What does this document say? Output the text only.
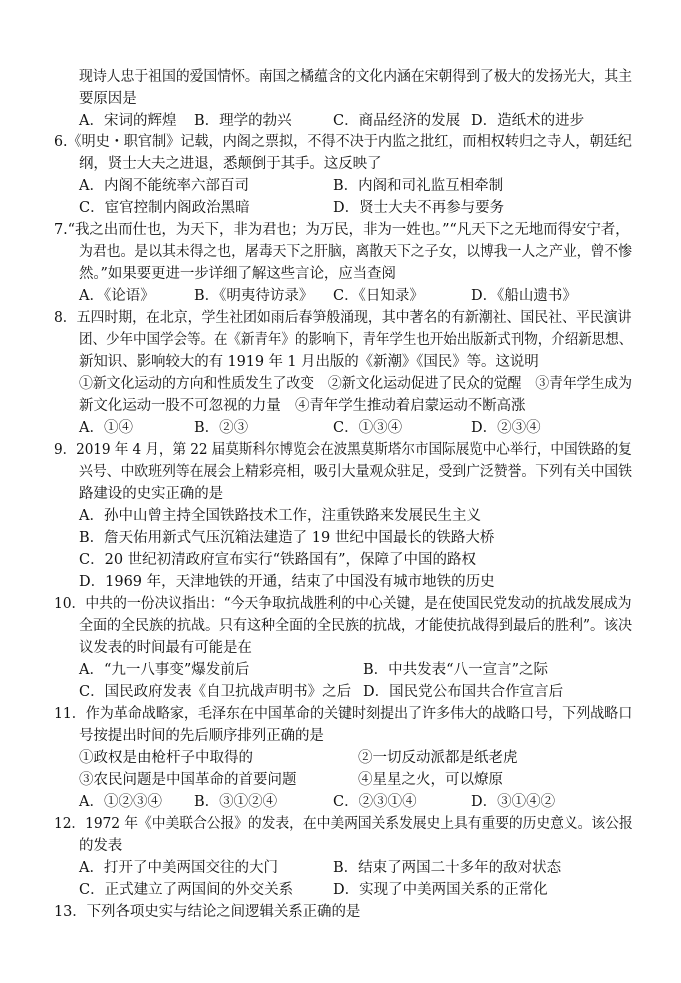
现诗人忠于祖国的爱国情怀。南国之橘蕴含的文化内涵在宋朝得到了极大的发扬光大，其主
要原因是
A．宋词的辉煌 B．理学的勃兴	C．商品经济的发展 D．造纸术的进步
6.《明史・职官制》记载，内阁之票拟，不得不决于内监之批红，而相权转归之寺人，朝廷纪
纲，贤士大夫之进退，悉颠倒于其手。这反映了
A．内阁不能统率六部百司	B．内阁和司礼监互相牵制
C．宦官控制内阁政治黑暗	D．贤士大夫不再参与要务
7.“我之出而仕也，为天下，非为君也；为万民，非为一姓也。”“凡天下之无地而得安宁者，
为君也。是以其未得之也，屠毒天下之肝脑，离散天下之子女，以博我一人之产业，曾不惨
然。”如果要更进一步详细了解这些言论，应当查阅
A．《论语》	B．《明夷待访录》 C．《日知录》	D．《船山遗书》
8．五四时期，在北京，学生社团如雨后春笋般涌现，其中著名的有新潮社、国民社、平民演讲
团、少年中国学会等。在《新青年》的影响下，青年学生也开始出版新式刊物，介绍新思想、
新知识、影响较大的有 1919 年 1 月出版的《新潮》《国民》等。这说明
①新文化运动的方向和性质发生了改变　②新文化运动促进了民众的觉醒　③青年学生成为
新文化运动一股不可忽视的力量　④青年学生推动着启蒙运动不断高涨
A．①④	B．②③	C．①③④	D．②③④
9．2019 年 4 月，第 22 届莫斯科尔博览会在波黑莫斯塔尔市国际展览中心举行，中国铁路的复
兴号、中欧班列等在展会上精彩亮相，吸引大量观众驻足，受到广泛赞誉。下列有关中国铁
路建设的史实正确的是
A．孙中山曾主持全国铁路技术工作，注重铁路来发展民生主义
B．詹天佑用新式气压沉箱法建造了 19 世纪中国最长的铁路大桥
C．20 世纪初清政府宣布实行“铁路国有”，保障了中国的路权
D．1969 年，天津地铁的开通，结束了中国没有城市地铁的历史
10．中共的一份决议指出：“今天争取抗战胜利的中心关键，是在使国民党发动的抗战发展成为
全面的全民族的抗战。只有这种全面的全民族的抗战，才能使抗战得到最后的胜利”。该决
议发表的时间最有可能是在
A．“九一八事变”爆发前后	B．中共发表“八一宣言”之际
C．国民政府发表《自卫抗战声明书》之后 D．国民党公布国共合作宣言后
11．作为革命战略家，毛泽东在中国革命的关键时刻提出了许多伟大的战略口号，下列战略口
号按提出时间的先后顺序排列正确的是
①政权是由枪杆子中取得的	②一切反动派都是纸老虎
③农民问题是中国革命的首要问题	④星星之火，可以燎原
A．①②③④ B．③①②④	C．②③①④	D．③①④②
12．1972 年《中美联合公报》的发表，在中美两国关系发展史上具有重要的历史意义。该公报
的发表
A．打开了中美两国交往的大门	B．结束了两国二十多年的敌对状态
C．正式建立了两国间的外交关系	D．实现了中美两国关系的正常化
13．下列各项史实与结论之间逻辑关系正确的是
